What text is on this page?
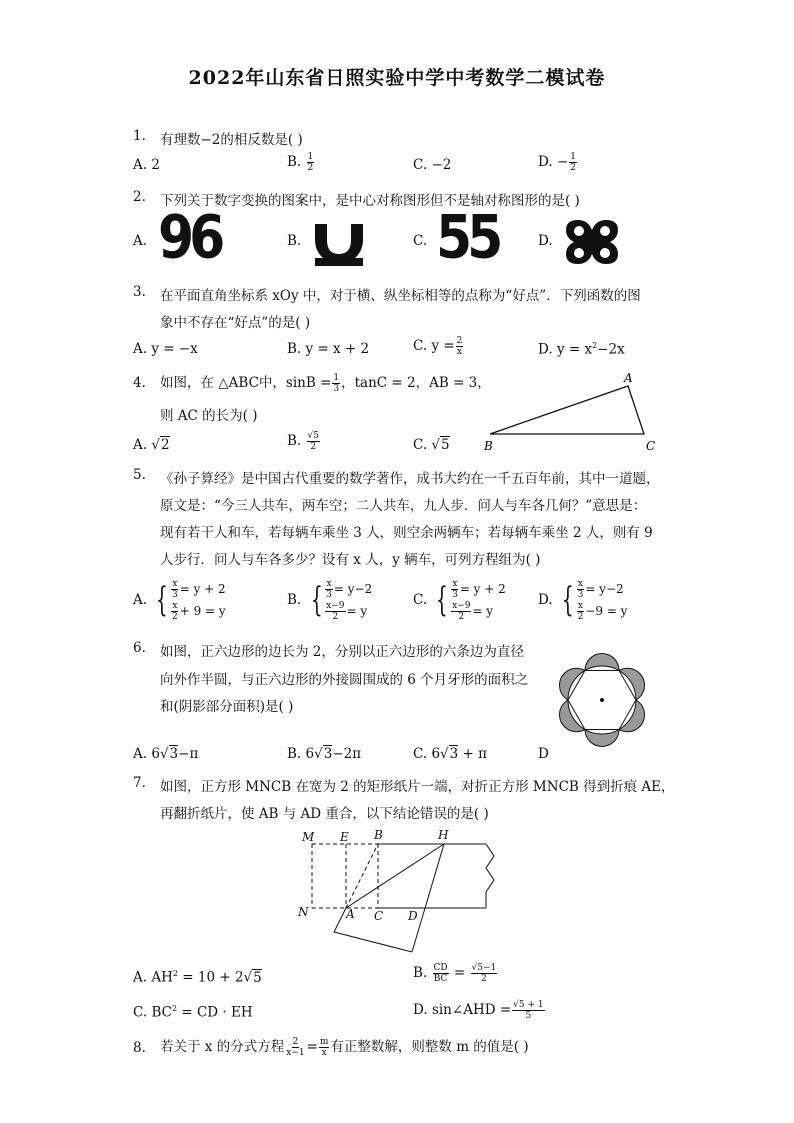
2022年山东省日照实验中学中考数学二模试卷
1. 有理数−2的相反数是( )
A. 2	B. $\frac{1}{2}$	C. −2	D. − $\frac{1}{2}$
2. 下列关于数字变换的图案中，是中心对称图形但不是轴对称图形的是( )
A. 96	B.	C. 55	D.
3. 在平面直角坐标系 xOy 中，对于横、纵坐标相等的点称为“好点”．下列函数的图
象中不存在“好点”的是( )
A. y = −x	B. y = x + 2	C. $y = \frac{2}{x}$	D. $y = x^2-2x$
4. 如图，在 △ABC中，$\sin B = \frac{1}{3}$ ，tanC = 2，AB = 3，
则 AC 的长为( )
A
B	C
A. √2	B. $\frac{√5}{2}$	C. √5
5. 《孙子算经》是中国古代重要的数学著作，成书大约在一千五百年前，其中一道题，
原文是：“今三人共车，两车空；二人共车，九人步．问人与车各几何？”意思是：
现有若干人和车，若每辆车乘坐 3 人，则空余两辆车；若每辆车乘坐 2 人，则有 9
人步行．问人与车各多少？设有 x 人，y 辆车，可列方程组为( )
A. { $\frac{x}{3} = y + 2$
$\frac{x}{2} + 9 = y$
B. { $\frac{x}{3} = y-2$
$\frac{x-9}{2} = y$
C. { $\frac{x}{3} = y + 2$
$\frac{x-9}{2} = y$
D. { $\frac{x}{3} = y-2$
$\frac{x}{2} -9 = y$
6. 如图，正六边形的边长为 2，分别以正六边形的六条边为直径
向外作半圆，与正六边形的外接圆围成的 6 个月牙形的面积之
和(阴影部分面积)是( )
A. 6√3−π	B. 6√3−2π	C. 6√3 + π	D
7. 如图，正方形 MNCB 在宽为 2 的矩形纸片一端，对折正方形 MNCB 得到折痕 AE，
再翻折纸片，使 AB 与 AD 重合，以下结论错误的是( )
M E B	H
N	A C D
A. $AH^2 = 10 + 2√5$	B. $\frac{CD}{BC} = \frac{√5-1}{2}$
C. $BC^2$ = CD · EH	D. sin∠AHD = $\frac{√5 + 1}{5}$
8. 若关于 x 的分式方程 $\frac{2}{x-1} = \frac{m}{x}$ 有正整数解，则整数 m 的值是( )
